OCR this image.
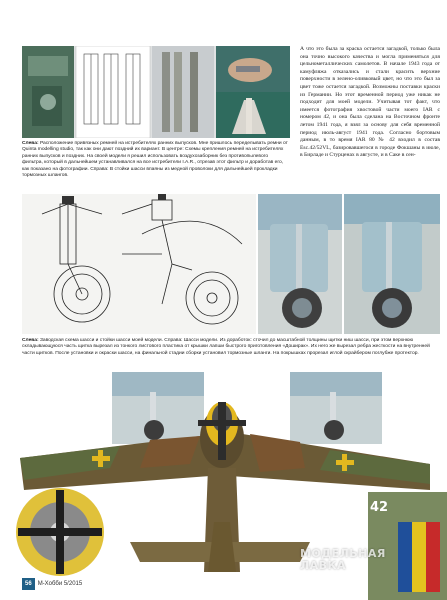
Слева: Расположение привязных ремней на истребителях ранних выпусков. Мне пришлось переделывать ремни от Quinta modelling studio, так как они дают поздний их вариант. В центре: Схемы крепления ремней на истребителях ранних выпусков и поздних. На своей модели я решил использовать воздухозаборник без противопылевого фильтра, который в дальнейшем устанавливался на все истребители I.A.R., отрезав этот фильтр и доработав его, как показано на фотографии. Справа: В стойки шасси впаяны из медной проволоки для дальнейшей прокладки тормозных шлангов.
А что это была за краска остается загадкой, только была она точно высокого качества и могла применяться для цельнометаллических самолетов. В начале 1943 года от камуфляжа отказались и стали красить верхние поверхности в зелено-оливковый цвет, но что это был за цвет тоже остается загадкой. Возможны поставки краски из Германии. Но этот временной период уже никак не подходит для моей модели. Учитывая тот факт, что имеется фотография хвостовой части моего IAR с номером 42, и она была сделана на Восточном фронте летом 1941 года, я взял за основу для себя временной период июль-август 1941 года. Согласно бортовым данным, в то время IAR 80 № 42 входил в состав Esc.42/52VL, базировавшегося в городе Фокшаны в июле, в Бирладе и Стурценах в августе, и в Саке в сен-
Слева: Заводская схема шасси и стойки шасси моей модели. Справа: Шасси модели. Из доработок: сточил до масштабной толщины щитки ниш шасси, при этом верхнюю складывающуюся часть щитка вырезал из тонкого листового пластика от крышки лапши быстрого приготовления «Доширак». Их него же вырезал ребра жесткости на внутренней части щитков. После установки и окраски шасси, на финальной стадии сборки установил тормозные шланги. На покрышках прорезал иглой скрайбером поглубже протектор.
42
МОДЕЛЬНАЯ
ЛАВКА
56 М-Хобби 5/2015
